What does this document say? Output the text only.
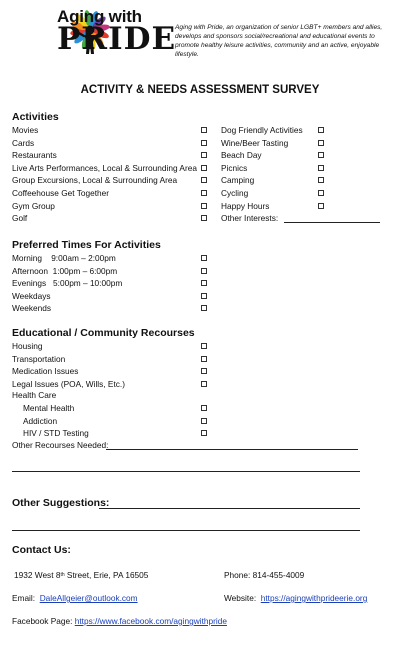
Aging with
PRIDE
Aging with Pride, an organization of senior LGBT+ members and allies, develops and sponsors social/recreational and educational events to promote healthy leisure activities, community and an active, enjoyable lifestyle.
ACTIVITY & NEEDS ASSESSMENT SURVEY
Activities
Movies
Cards
Restaurants
Live Arts Performances, Local & Surrounding Area
Group Excursions, Local & Surrounding Area
Coffeehouse Get Together
Gym Group
Golf
Dog Friendly Activities
Wine/Beer Tasting
Beach Day
Picnics
Camping
Cycling
Happy Hours
Other Interests:
Preferred Times For Activities
Morning    9:00am – 2:00pm
Afternoon  1:00pm – 6:00pm
Evenings   5:00pm – 10:00pm
Weekdays
Weekends
Educational / Community Recourses
Housing
Transportation
Medication Issues
Legal Issues (POA, Wills, Etc.)
Health Care
Mental Health
Addiction
HIV / STD Testing
Other Recourses Needed:
Other Suggestions:
Contact Us:
1932 West 8th Street, Erie, PA 16505	Phone: 814-455-4009
Email: DaleAllgeier@outlook.com	Website: https://agingwithprideerie.org
Facebook Page: https://www.facebook.com/agingwithpride
